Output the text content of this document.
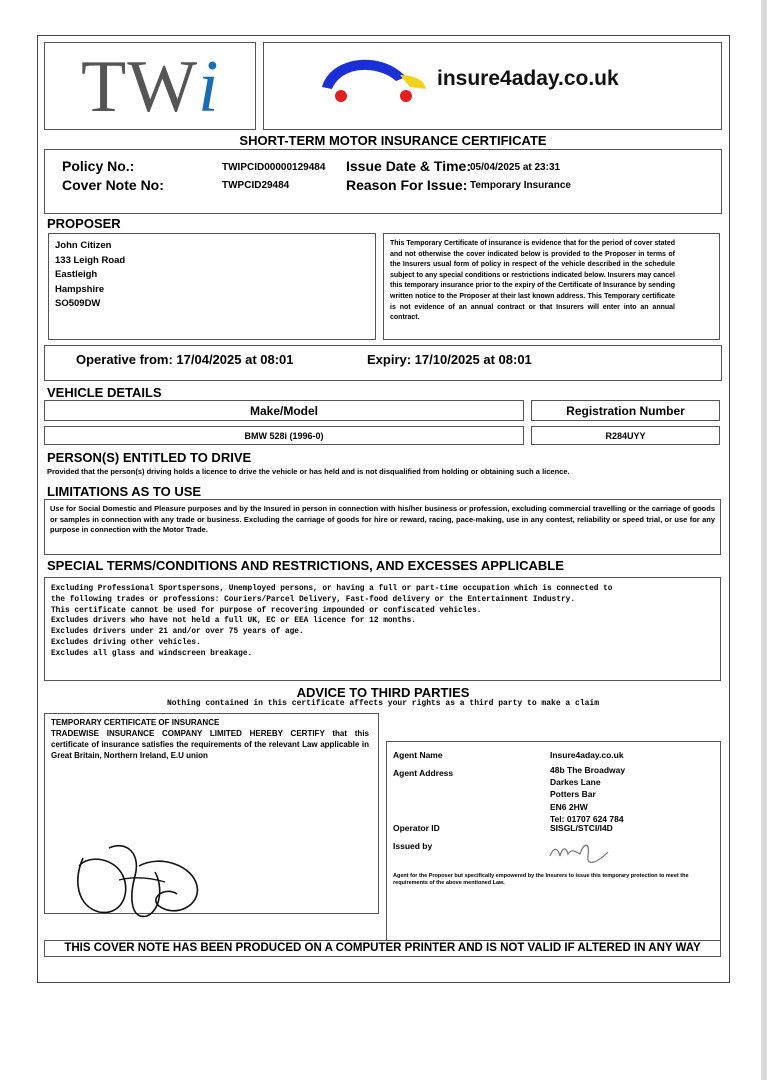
TWi	insure4aday.co.uk
SHORT-TERM MOTOR INSURANCE CERTIFICATE
Policy No.:	TWIPCID00000129484
Cover Note No:	TWPCID29484
Issue Date & Time:
05/04/2025 at 23:31
Reason For Issue: Temporary Insurance
PROPOSER
John Citizen
133 Leigh Road
Eastleigh
Hampshire
SO509DW
This Temporary Certificate of insurance is evidence that for the period of cover stated and not otherwise the cover indicated below is provided to the Proposer in terms of the Insurers usual form of policy in respect of the vehicle described in the schedule subject to any special conditions or restrictions indicated below. Insurers may cancel this temporary insurance prior to the expiry of the Certificate of Insurance by sending written notice to the Proposer at their last known address. This Temporary certificate is not evidence of an annual contract or that Insurers will enter into an annual contract.
Operative from: 17/04/2025 at 08:01	Expiry: 17/10/2025 at 08:01
VEHICLE DETAILS
Make/Model	Registration Number
BMW 528i (1996-0)	R284UYY
PERSON(S) ENTITLED TO DRIVE
Provided that the person(s) driving holds a licence to drive the vehicle or has held and is not disqualified from holding or obtaining such a licence.
LIMITATIONS AS TO USE
Use for Social Domestic and Pleasure purposes and by the Insured in person in connection with his/her business or profession, excluding commercial travelling or the carriage of goods or samples in connection with any trade or business. Excluding the carriage of goods for hire or reward, racing, pace-making, use in any contest, reliability or speed trial, or use for any purpose in connection with the Motor Trade.
SPECIAL TERMS/CONDITIONS AND RESTRICTIONS, AND EXCESSES APPLICABLE
Excluding Professional Sportspersons, Unemployed persons, or having a full or part-time occupation which is connected to
the following trades or professions: Couriers/Parcel Delivery, Fast-food delivery or the Entertainment Industry.
This certificate cannot be used for purpose of recovering impounded or confiscated vehicles.
Excludes drivers who have not held a full UK, EC or EEA licence for 12 months.
Excludes drivers under 21 and/or over 75 years of age.
Excludes driving other vehicles.
Excludes all glass and windscreen breakage.
ADVICE TO THIRD PARTIES
Nothing contained in this certificate affects your rights as a third party to make a claim
TEMPORARY CERTIFICATE OF INSURANCE
TRADEWISE INSURANCE COMPANY LIMITED HEREBY CERTIFY that this certificate of insurance satisfies the requirements of the relevant Law applicable in Great Britain, Northern Ireland, E.U union	Agent Name	Insure4aday.co.uk
Agent Address	48b The Broadway
Darkes Lane
Potters Bar
EN6 2HW
Tel: 01707 624 784
Operator ID	SISGL/STCI/I4D
Issued by
Agent for the Proposer but specifically empowered by the Insurers to issue this temporary protection to meet the requirements of the above mentioned Law.
THIS COVER NOTE HAS BEEN PRODUCED ON A COMPUTER PRINTER AND IS NOT VALID IF ALTERED IN ANY WAY
